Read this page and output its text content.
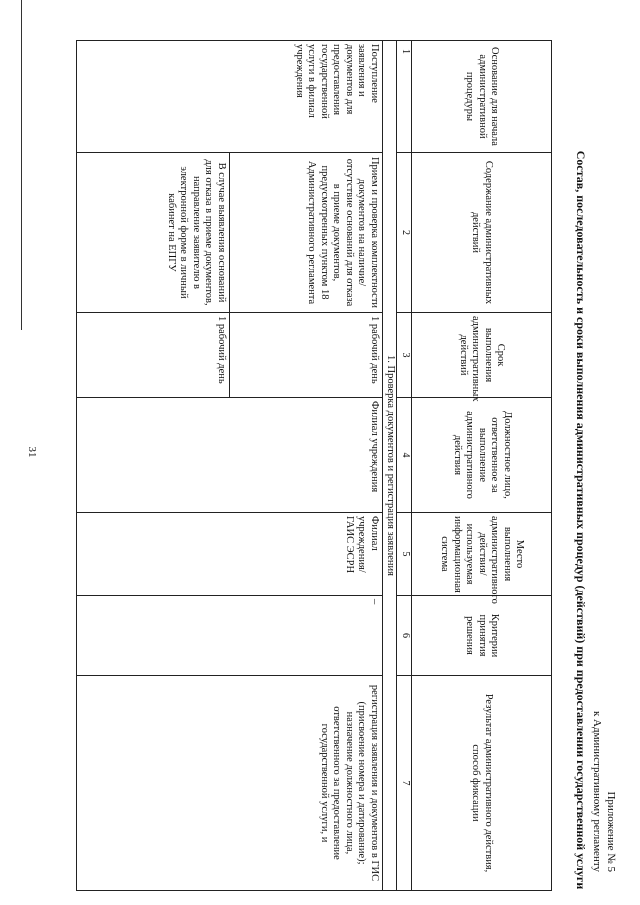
31
Приложение № 5
к Административному регламенту
Состав, последовательность и сроки выполнения административных процедур (действий) при предоставлении государственной услуги
Основание для начала административной процедуры	Содержание административных действий	Срок выполнения административных действий	Должностное лицо, ответственное за выполнение административного действия	Место выполнения административного действия/ используемая информационная система	Критерии принятия решения	Результат административного действия, способ фиксации
1	2	3	4	5	6	7
1. Проверка документов и регистрация заявления						
Поступление заявления и документов для предоставления государственной услуги в филиал учреждения	Прием и проверка комплектности документов на наличие/отсутствие оснований для отказа в приеме документов, предусмотренных пунктом 18 Административного регламента	1 рабочий день	Филиал учреждения	Филиал учреждения/ГАИС ЭСРН	–	регистрация заявления и документов в ГИС (присвоение номера и датирование); назначение должностного лица, ответственного за предоставление государственной услуги, и
	В случае выявления оснований для отказа в приеме документов, направление заявителю в электронной форме в личный кабинет на ЕПГУ	1 рабочий день				
